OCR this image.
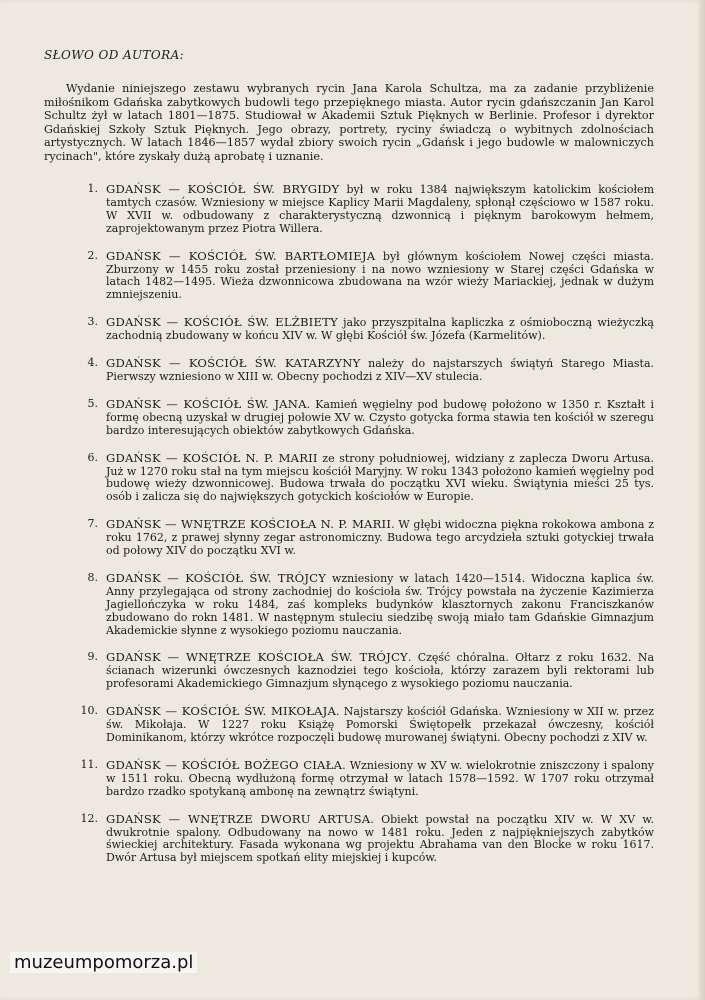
SŁOWO OD AUTORA:
Wydanie niniejszego zestawu wybranych rycin Jana Karola Schultza, ma za zadanie przybliżenie miłośnikom Gdańska zabytkowych budowli tego przepięknego miasta. Autor rycin gdańszczanin Jan Karol Schultz żył w latach 1801—1875. Studiował w Akademii Sztuk Pięknych w Berlinie. Profesor i dyrektor Gdańskiej Szkoły Sztuk Pięknych. Jego obrazy, portrety, ryciny świadczą o wybitnych zdolnościach artystycznych. W latach 1846—1857 wydał zbiory swoich rycin „Gdańsk i jego budowle w malowniczych rycinach", które zyskały dużą aprobatę i uznanie.
1. GDAŃSK — KOŚCIÓŁ ŚW. BRYGIDY był w roku 1384 największym katolickim kościołem tamtych czasów. Wzniesiony w miejsce Kaplicy Marii Magdaleny, spłonął częściowo w 1587 roku. W XVII w. odbudowany z charakterystyczną dzwonnicą i pięknym barokowym hełmem, zaprojektowanym przez Piotra Willera.
2. GDAŃSK — KOŚCIÓŁ ŚW. BARTŁOMIEJA był głównym kościołem Nowej części miasta. Zburzony w 1455 roku został przeniesiony i na nowo wzniesiony w Starej części Gdańska w latach 1482—1495. Wieża dzwonnicowa zbudowana na wzór wieży Mariackiej, jednak w dużym zmniejszeniu.
3. GDAŃSK — KOŚCIÓŁ ŚW. ELŻBIETY jako przyszpitalna kapliczka z ośmioboczną wieżyczką zachodnią zbudowany w końcu XIV w. W głębi Kościół św. Józefa (Karmelitów).
4. GDAŃSK — KOŚCIÓŁ ŚW. KATARZYNY należy do najstarszych świątyń Starego Miasta. Pierwszy wzniesiono w XIII w. Obecny pochodzi z XIV—XV stulecia.
5. GDAŃSK — KOŚCIÓŁ ŚW. JANA. Kamień węgielny pod budowę położono w 1350 r. Kształt i formę obecną uzyskał w drugiej połowie XV w. Czysto gotycka forma stawia ten kościół w szeregu bardzo interesujących obiektów zabytkowych Gdańska.
6. GDAŃSK — KOŚCIÓŁ N. P. MARII ze strony południowej, widziany z zaplecza Dworu Artusa. Już w 1270 roku stał na tym miejscu kościół Maryjny. W roku 1343 położono kamień węgielny pod budowę wieży dzwonnicowej. Budowa trwała do początku XVI wieku. Świątynia mieści 25 tys. osób i zalicza się do największych gotyckich kościołów w Europie.
7. GDAŃSK — WNĘTRZE KOŚCIOŁA N. P. MARII. W głębi widoczna piękna rokokowa ambona z roku 1762, z prawej słynny zegar astronomiczny. Budowa tego arcydzieła sztuki gotyckiej trwała od połowy XIV do początku XVI w.
8. GDAŃSK — KOŚCIÓŁ ŚW. TRÓJCY wzniesiony w latach 1420—1514. Widoczna kaplica św. Anny przylegająca od strony zachodniej do kościoła św. Trójcy powstała na życzenie Kazimierza Jagiellończyka w roku 1484, zaś kompleks budynków klasztornych zakonu Franciszkanów zbudowano do rokn 1481. W następnym stuleciu siedzibę swoją miało tam Gdańskie Gimnazjum Akademickie słynne z wysokiego poziomu nauczania.
9. GDAŃSK — WNĘTRZE KOŚCIOŁA ŚW. TRÓJCY. Część chóralna. Ołtarz z roku 1632. Na ścianach wizerunki ówczesnych kaznodziei tego kościoła, którzy zarazem byli rektorami lub profesorami Akademickiego Gimnazjum słynącego z wysokiego poziomu nauczania.
10. GDAŃSK — KOŚCIÓŁ ŚW. MIKOŁAJA. Najstarszy kościół Gdańska. Wzniesiony w XII w. przez św. Mikołaja. W 1227 roku Książę Pomorski Świętopełk przekazał ówczesny, kościół Dominikanom, którzy wkrótce rozpoczęli budowę murowanej świątyni. Obecny pochodzi z XIV w.
11. GDAŃSK — KOŚCIÓŁ BOŻEGO CIAŁA. Wzniesiony w XV w. wielokrotnie zniszczony i spalony w 1511 roku. Obecną wydłużoną formę otrzymał w latach 1578—1592. W 1707 roku otrzymał bardzo rzadko spotykaną ambonę na zewnątrz świątyni.
12. GDAŃSK — WNĘTRZE DWORU ARTUSA. Obiekt powstał na początku XIV w. W XV w. dwukrotnie spalony. Odbudowany na nowo w 1481 roku. Jeden z najpiękniejszych zabytków świeckiej architektury. Fasada wykonana wg projektu Abrahama van den Blocke w roku 1617. Dwór Artusa był miejscem spotkań elity miejskiej i kupców.
muzeumpomorza.pl
